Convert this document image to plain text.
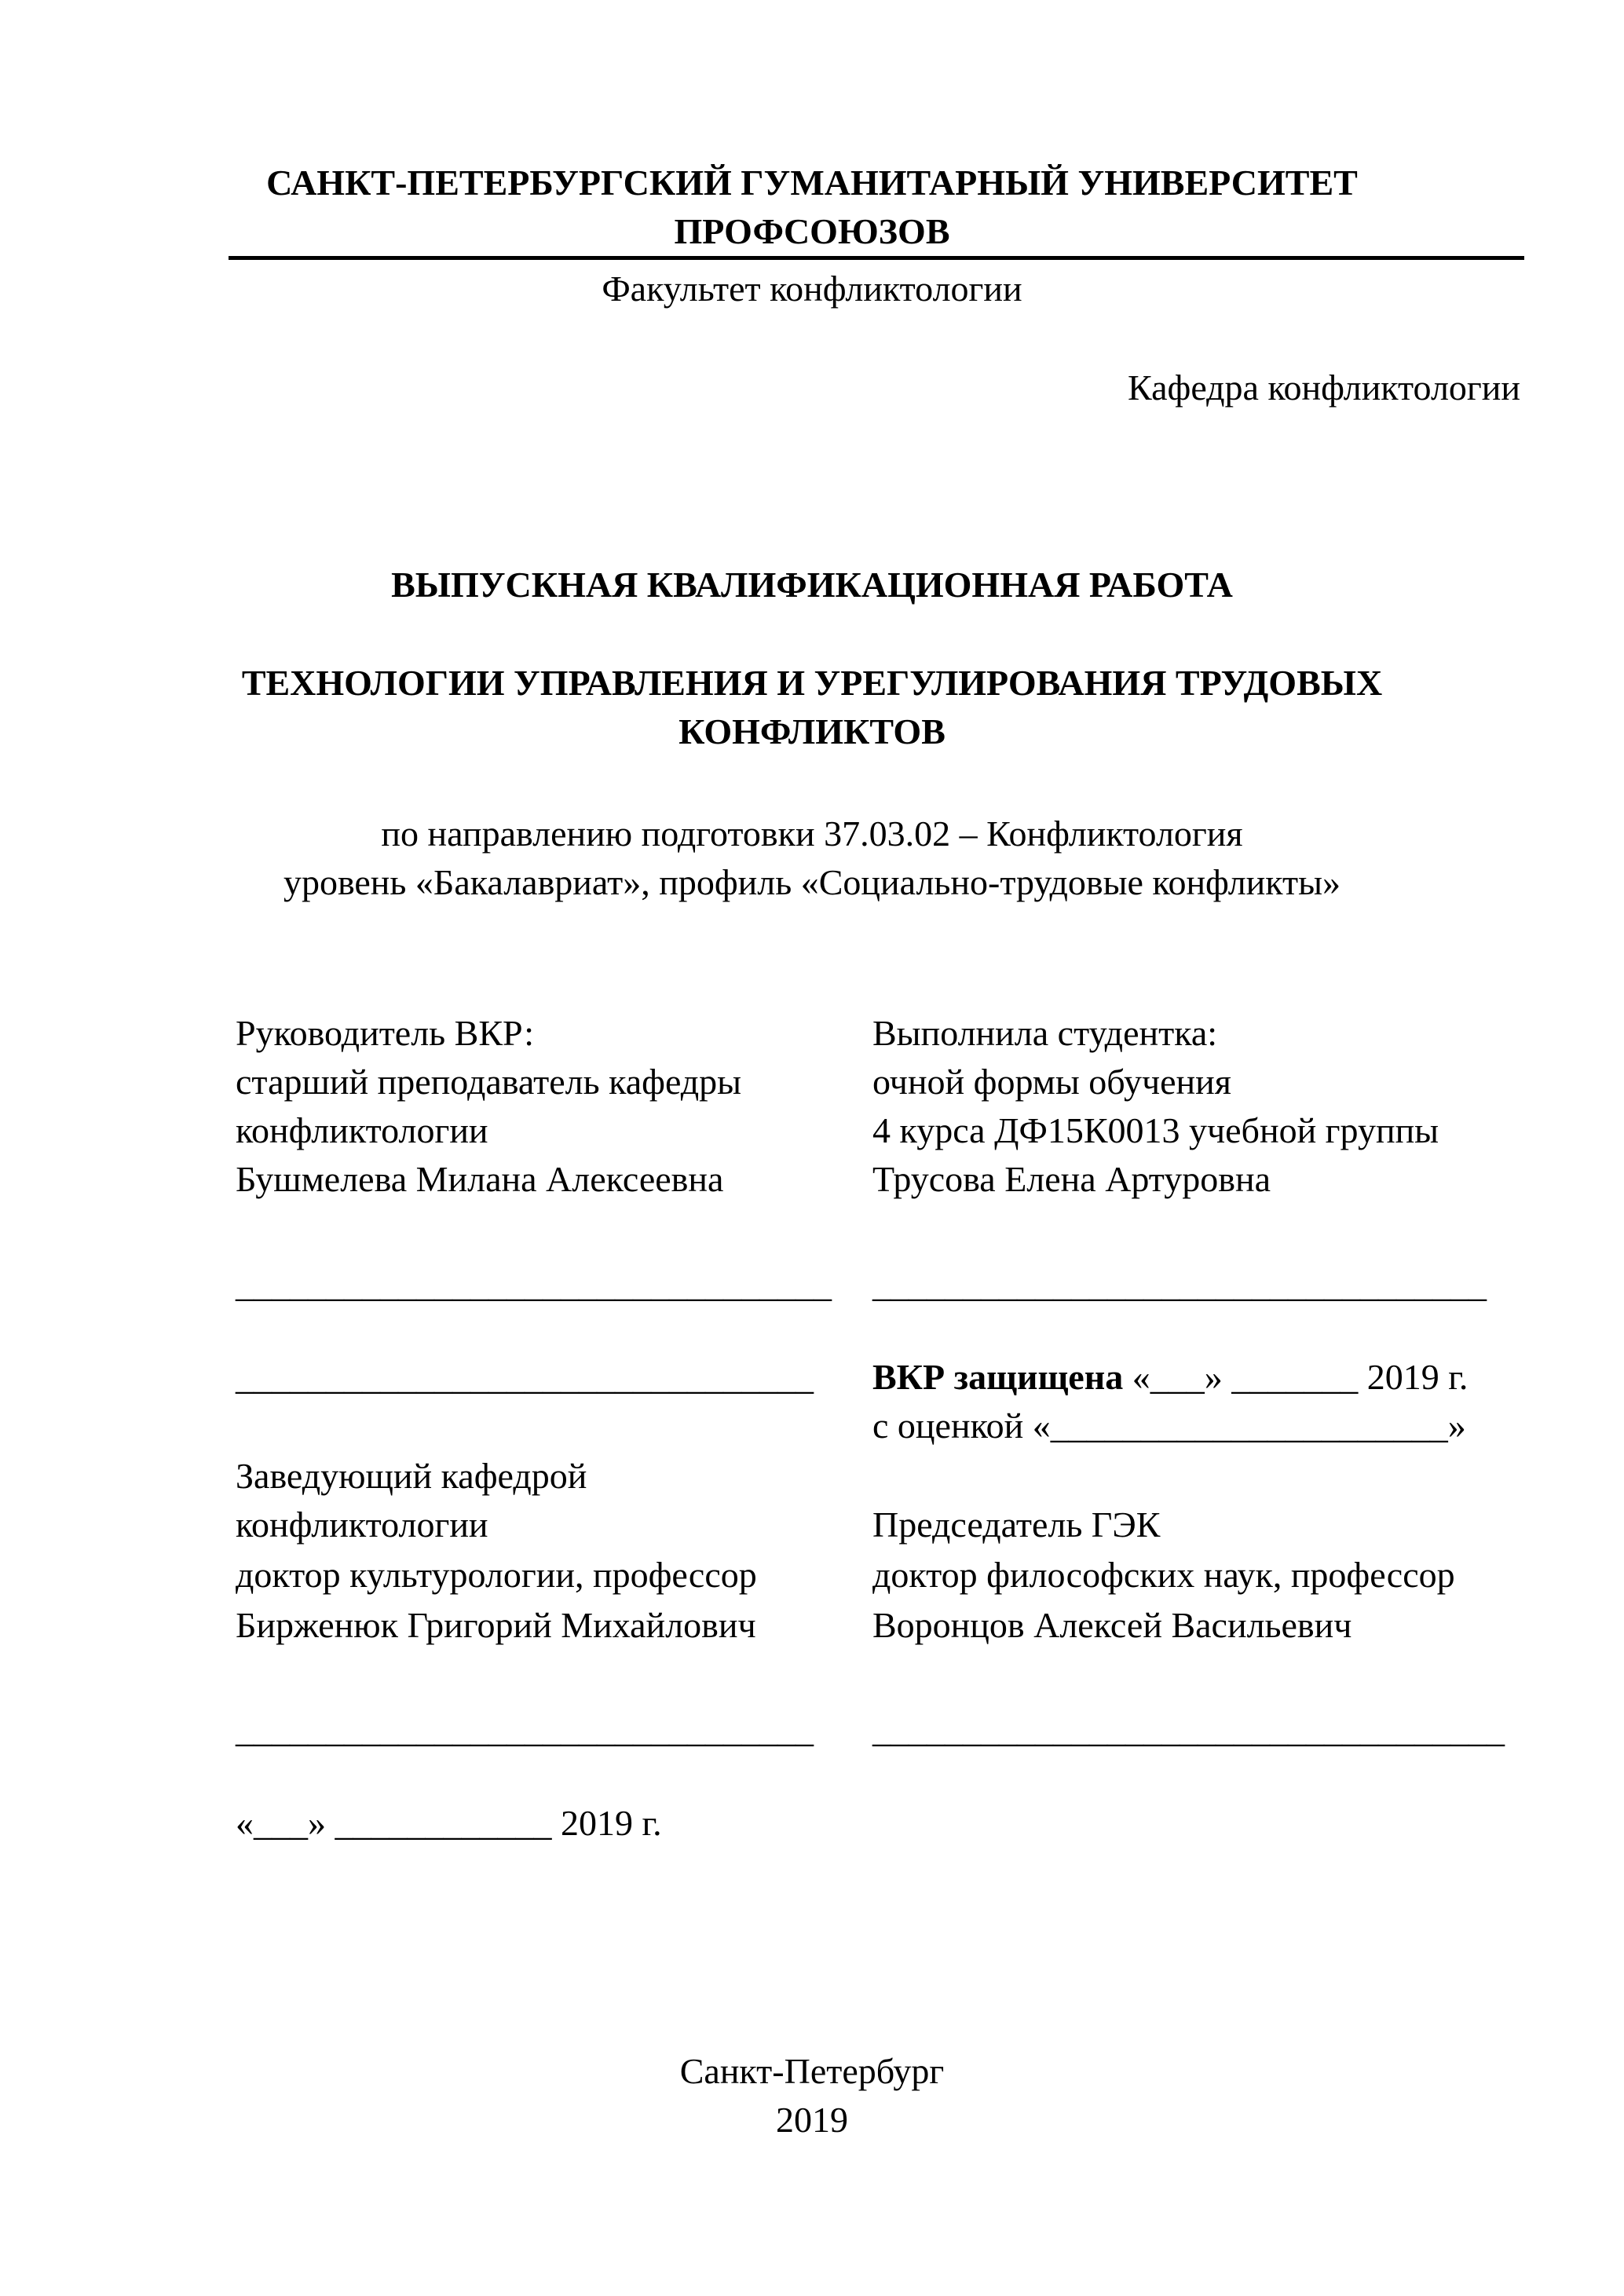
САНКТ-ПЕТЕРБУРГСКИЙ ГУМАНИТАРНЫЙ УНИВЕРСИТЕТ
ПРОФСОЮЗОВ
Факультет конфликтологии
Кафедра конфликтологии
ВЫПУСКНАЯ КВАЛИФИКАЦИОННАЯ РАБОТА
ТЕХНОЛОГИИ УПРАВЛЕНИЯ И УРЕГУЛИРОВАНИЯ ТРУДОВЫХ
КОНФЛИКТОВ
по направлению подготовки 37.03.02 – Конфликтология
уровень «Бакалавриат», профиль «Социально-трудовые конфликты»
Руководитель ВКР:
старший преподаватель кафедры
конфликтологии
Бушмелева Милана Алексеевна
Выполнила студентка:
очной формы обучения
4 курса ДФ15К0013 учебной группы
Трусова Елена Артуровна
_________________________________ __________________________________
________________________________ ВКР защищена «___» _______ 2019 г.
с оценкой «______________________»
Заведующий кафедрой
конфликтологии
доктор культурологии, профессор
Бирженюк Григорий Михайлович
Председатель ГЭК
доктор философских наук, профессор
Воронцов Алексей Васильевич
________________________________ ___________________________________
«___» ____________ 2019 г.
Санкт-Петербург
2019
